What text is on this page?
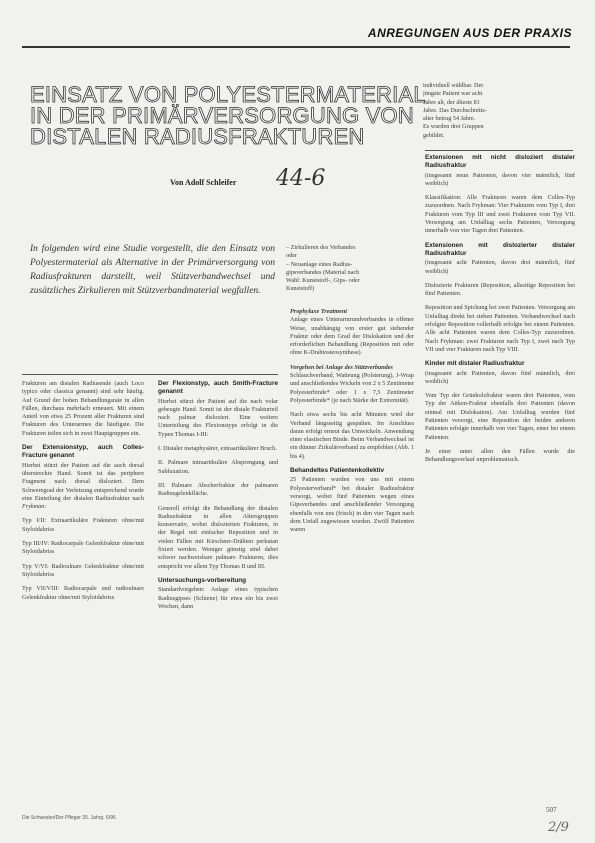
ANREGUNGEN AUS DER PRAXIS
EINSATZ VON POLYESTERMATERIAL
IN DER PRIMÄRVERSORGUNG VON
DISTALEN RADIUSFRAKTUREN
Von Adolf Schleifer 44-6
In folgenden wird eine Studie vorgestellt, die den Einsatz von Polyestermaterial als Alternative in der Primärversorgung von Radiusfrakturen darstellt, weil Stützverbandwechsel und zusätzliches Zirkulieren mit Stützverbandmaterial wegfallen.
individuell wählbar. Der
jüngste Patient war acht
Jahre alt, der älteste 81
Jahre. Das Durchschnitts-
alter betrug 54 Jahre.
Es wurden drei Gruppen
gebildet.
– Zirkulieren des Verbandes
oder
– Neuanlage eines Radius-
gipsverbandes (Material nach
Wahl: Kunststoff-, Gips- oder
Kunststoff)

Frakturen am distalen Radiusende (auch Loco typico oder classica genannt) sind sehr häufig. Auf Grund der hohen Behandlungsrate in allen Fällen, durchaus mehrfach erneuert. Mit einem Anteil von etwa 25 Prozent aller Frakturen sind Frakturen des Unterarmes die häufigste. Die Frakturen teilen sich in zwei Hauptgruppen ein.

Der Extensionstyp, auch Colles-Fracture genannt

Hierbei stürzt der Patient auf die auch dorsal überstreckte Hand. Somit ist das periphere Fragment nach dorsal disloziert. Dem Schweregrad der Verletzung entsprechend wurde eine Einteilung der distalen Radiusfraktur nach Frykman:

Typ I/II: Extraartikuläre Frakturen ohne/mit Styloidabriss

Typ III/IV: Radiocarpale Gelenkfraktur ohne/mit Styloidabriss

Typ V/VI: Radioulnare Gelenkfraktur ohne/mit Styloidabriss

Typ VII/VIII: Radiocarpale und radioulnare Gelenkfraktur ohne/mit Styloidabriss

Der Flexionstyp, auch Smith-Fracture genannt

Hierbei stürzt der Patient auf die nach volar gebeugte Hand. Somit ist der distale Frakturteil nach palmar disloziert. Eine weitere Unterteilung des Flexionstyps erfolgt in die Typen Thomas I-III:

I. Distaler metaphysärer, extraartikulärer Bruch.

II. Palmare intraartikuläre Absprengung und Subluxation.

III. Palmare Abscherfraktur der palmaren Radiusgelenkfläche.

Generell erfolgt die Behandlung der distalen Radiusfraktur in allen Altersgruppen konservativ, wobei dislozierten Frakturen, in der Regel mit einfacher Reposition und in vielen Fällen mit Kirschner-Drähten perkutan fixiert werden. Weniger günstig sind dabei schwer nachweisbare palmare Frakturen, dies entspricht vor allem Typ Thomas II und III.

Untersuchungs-vorbereitung

Standardvorgehen: Anlage eines typischen Radiusgipses (Schiene) für etwa ein bis zwei Wochen, dann

Prophylaxe Treatment

Anlage eines Unterarmrundverbandes in offener Weise, unabhängig von erster gut stehender Fraktur oder dem Grad der Dislokation und der erforderlichen Behandlung (Reposition mit oder ohne K-Drahtosteosynthese).

Vorgehen bei Anlage des Stützverbandes

Schlauchverband, Watteung (Polsterung), J-Wrap und anschließendes Wickeln von 2 x 5 Zentimeter Polyesterbinde* oder 1 x 7,5 Zentimeter Polyesterbinde* (je nach Stärke der Extremität).

Nach etwa sechs bis acht Minuten wird der Verband längsseitig gespalten. Im Anschluss daran erfolgt erneut das Umwickeln. Anwendung einer elastischen Binde. Beim Verbandwechsel ist ein dünner Zirkulärverband zu empfehlen (Abb. 1 bis 4).

Behandeltes Patientenkollektiv

25 Patienten wurden von uns mit einem Polyesterverband* bei distaler Radiusfraktur versorgt, wobei fünf Patienten wegen eines Gipsverbandes und anschließender Versorgung ebenfalls von uns (frisch) in den vier Tagen nach dem Unfall zugewiesen wurden. Zwölf Patienten waren

Extensionen mit nicht disloziert distaler Radiusfraktur

(insgesamt neun Patienten, davon vier männlich, fünf weiblich)

Klassifikation: Alle Frakturen waren dem Colles-Typ zuzuordnen. Nach Frykman: Vier Frakturen vom Typ I, drei Frakturen vom Typ III und zwei Frakturen vom Typ VII. Versorgung am Unfalltag sechs Patienten, Versorgung innerhalb von vier Tagen drei Patienten.

Extensionen mit dislozierter distaler Radiusfraktur

(insgesamt acht Patienten, davon drei männlich, fünf weiblich)

Dislozierte Frakturen (Reposition, allseitige Reposition bei fünf Patienten.

Reposition und Spickung bei zwei Patienten. Versorgung am Unfalltag direkt bei sieben Patienten. Verbandwechsel nach erfolgter Reposition vollerhalb erfolgte bei einem Patienten. Alle acht Patienten waren dem Colles-Typ zuzuordnen. Nach Frykman: zwei Frakturen nach Typ I, zwei nach Typ VII und vier Frakturen nach Typ VIII.

Kinder mit distaler Radiusfraktur

(insgesamt acht Patienten, davon fünf männlich, drei weiblich)

Vom Typ der Grünholzfraktur waren drei Patienten, vom Typ der Aitken-Fraktur ebenfalls drei Patienten (davon einmal mit Dislokation). Am Unfalltag wurden fünf Patienten versorgt, eine Reposition der beiden anderen Patienten erfolgte innerhalb von vier Tagen, einer bei einem Patienten.

Je einer unter allen den Fällen wurde die Behandlungsverlauf unproblematisch.

Die Schwester/Der Pfleger 35. Jahrg. 6/96
507
2/9
